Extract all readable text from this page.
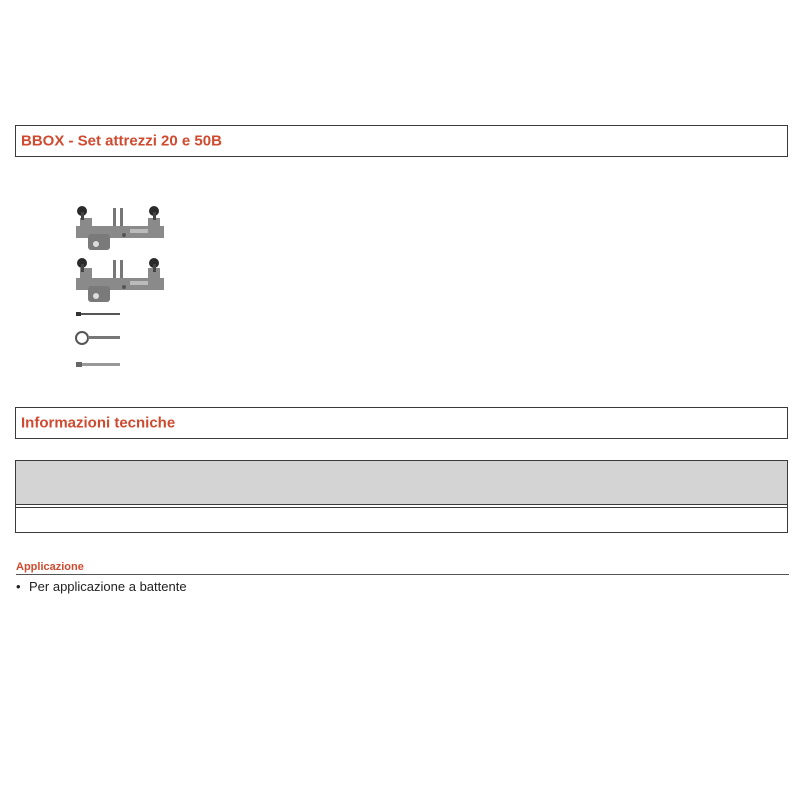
BBOX - Set attrezzi 20 e 50B
Informazioni tecniche
Applicazione
• Per applicazione a battente
